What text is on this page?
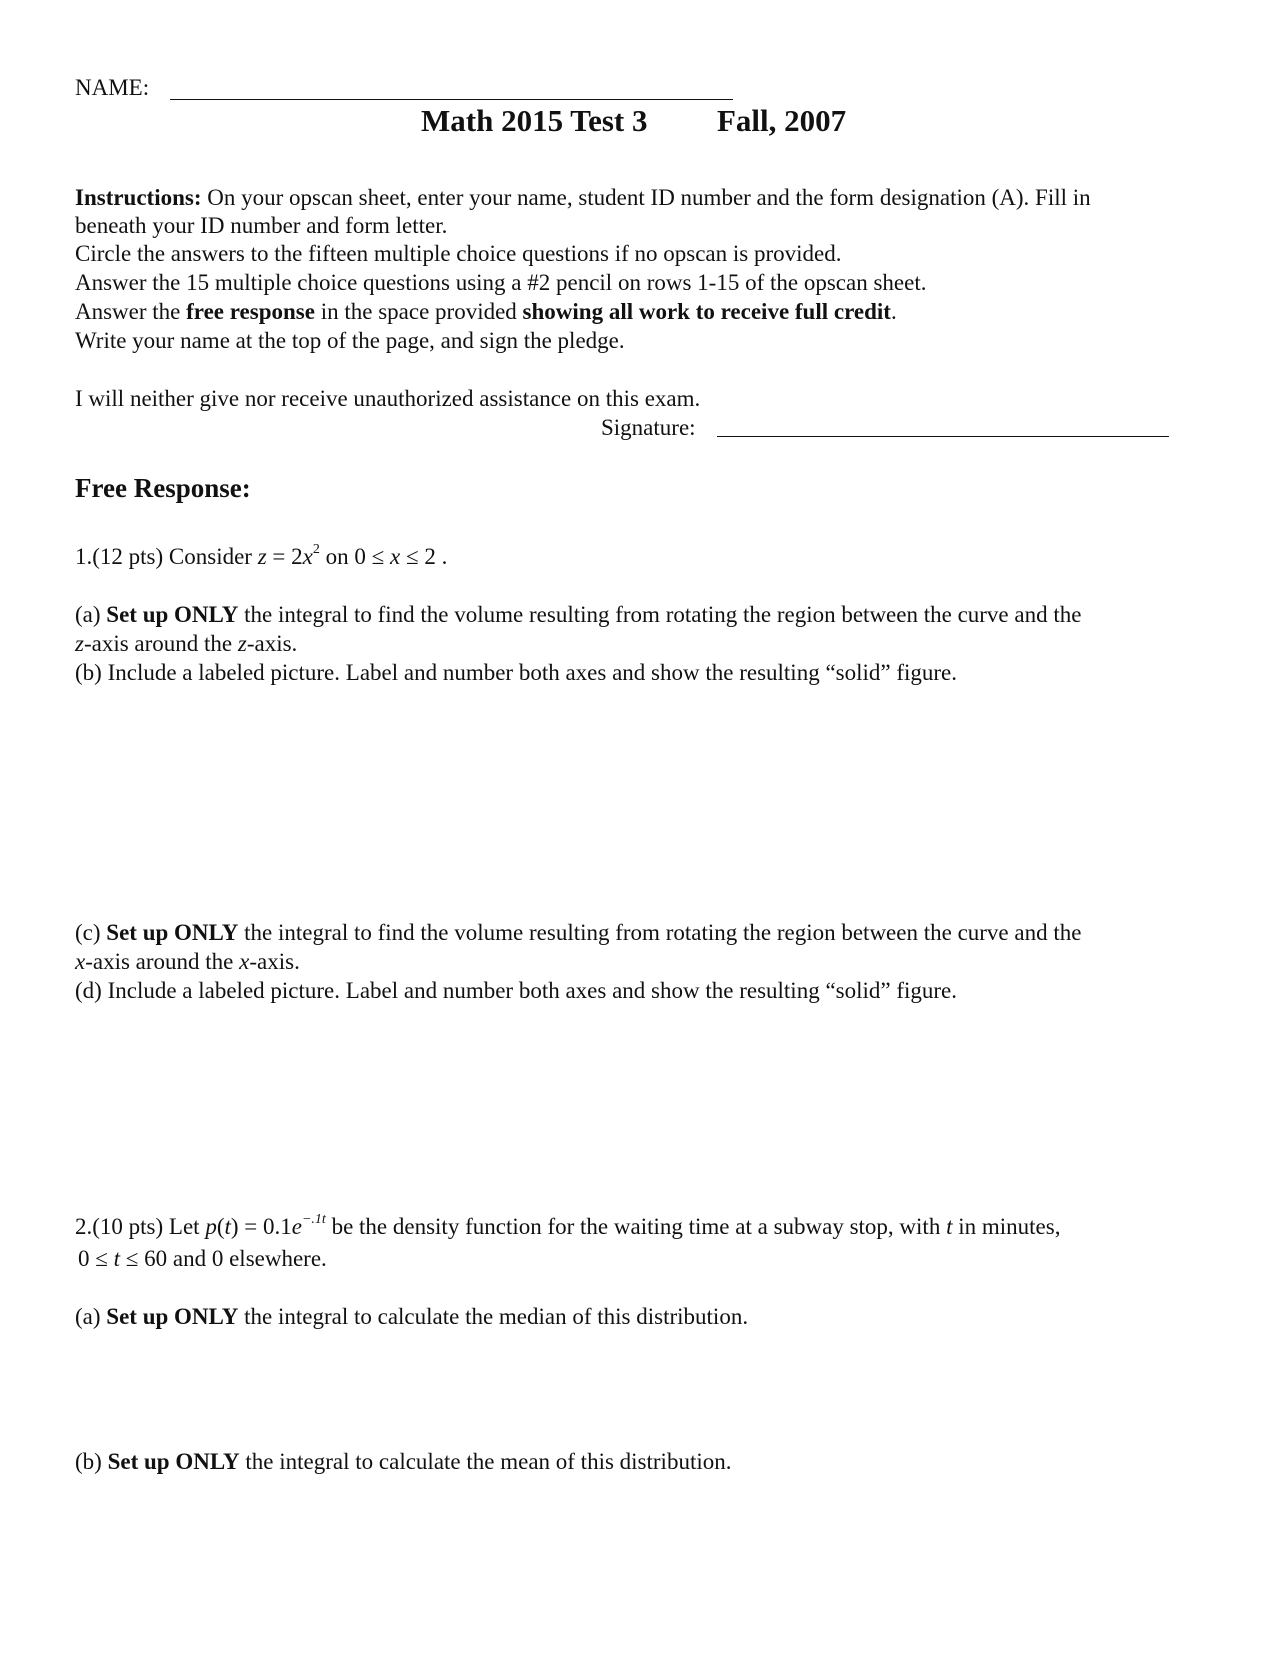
NAME:
Math 2015 Test 3 Fall, 2007
Instructions: On your opscan sheet, enter your name, student ID number and the form designation (A). Fill in
beneath your ID number and form letter.
Circle the answers to the fifteen multiple choice questions if no opscan is provided.
Answer the 15 multiple choice questions using a #2 pencil on rows 1-15 of the opscan sheet.
Answer the free response in the space provided showing all work to receive full credit.
Write your name at the top of the page, and sign the pledge.
I will neither give nor receive unauthorized assistance on this exam.
Signature:
Free Response:
1.(12 pts) Consider $z = 2x^2$ on 0 ≤ x ≤ 2 .
(a) Set up ONLY the integral to find the volume resulting from rotating the region between the curve and the
z-axis around the z-axis.
(b) Include a labeled picture. Label and number both axes and show the resulting “solid” figure.
(c) Set up ONLY the integral to find the volume resulting from rotating the region between the curve and the
x-axis around the x-axis.
(d) Include a labeled picture. Label and number both axes and show the resulting “solid” figure.
2.(10 pts) Let $p(t) = 0.1e^{-.1t}$ be the density function for the waiting time at a subway stop, with t in minutes,
0 ≤ t ≤ 60 and 0 elsewhere.
(a) Set up ONLY the integral to calculate the median of this distribution.
(b) Set up ONLY the integral to calculate the mean of this distribution.
